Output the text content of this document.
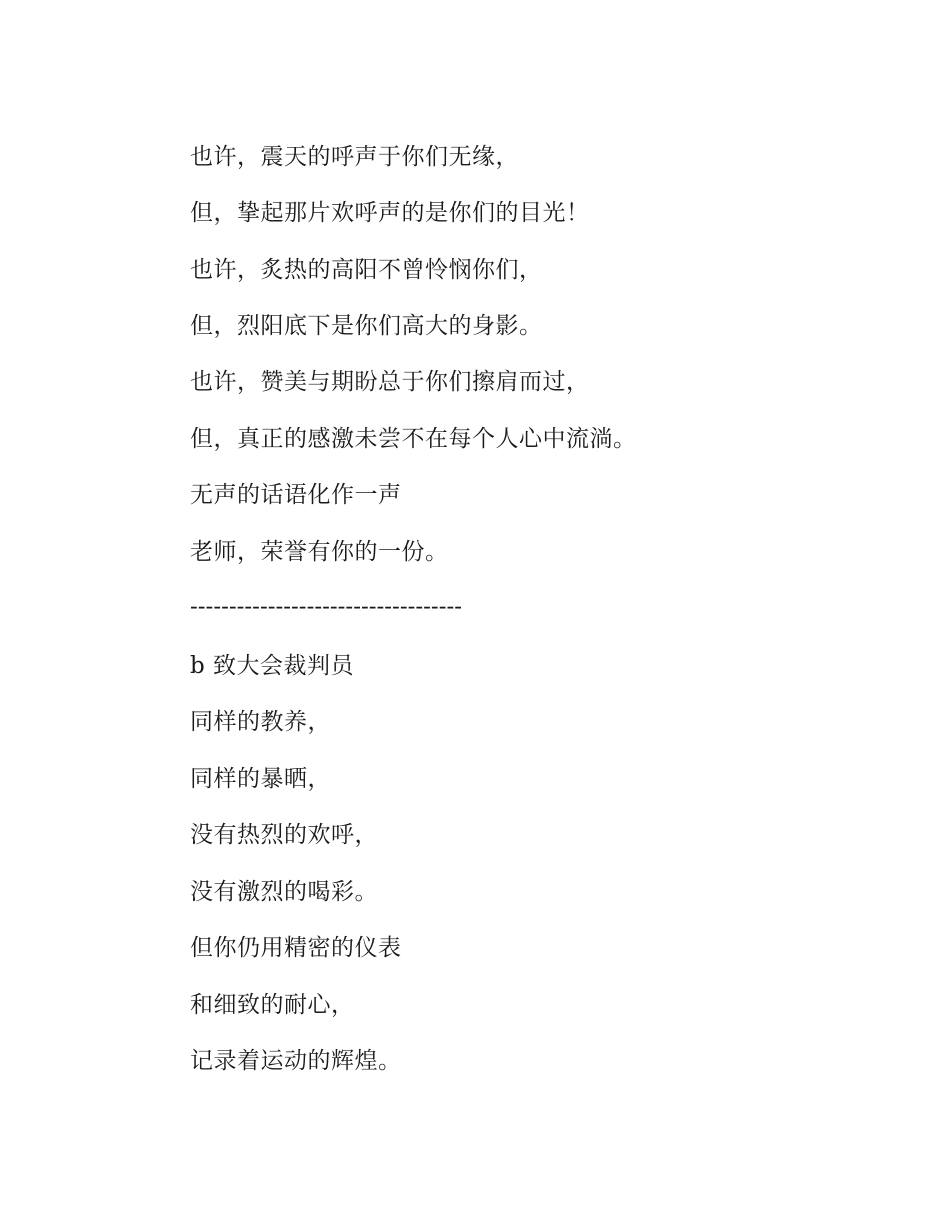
也许，震天的呼声于你们无缘，
但，挚起那片欢呼声的是你们的目光！
也许，炙热的高阳不曾怜悯你们，
但，烈阳底下是你们高大的身影。
也许，赞美与期盼总于你们擦肩而过，
但，真正的感激未尝不在每个人心中流淌。
无声的话语化作一声
老师，荣誉有你的一份。
-----------------------------------
b 致大会裁判员
同样的教养，
同样的暴晒，
没有热烈的欢呼，
没有激烈的喝彩。
但你仍用精密的仪表
和细致的耐心，
记录着运动的辉煌。
